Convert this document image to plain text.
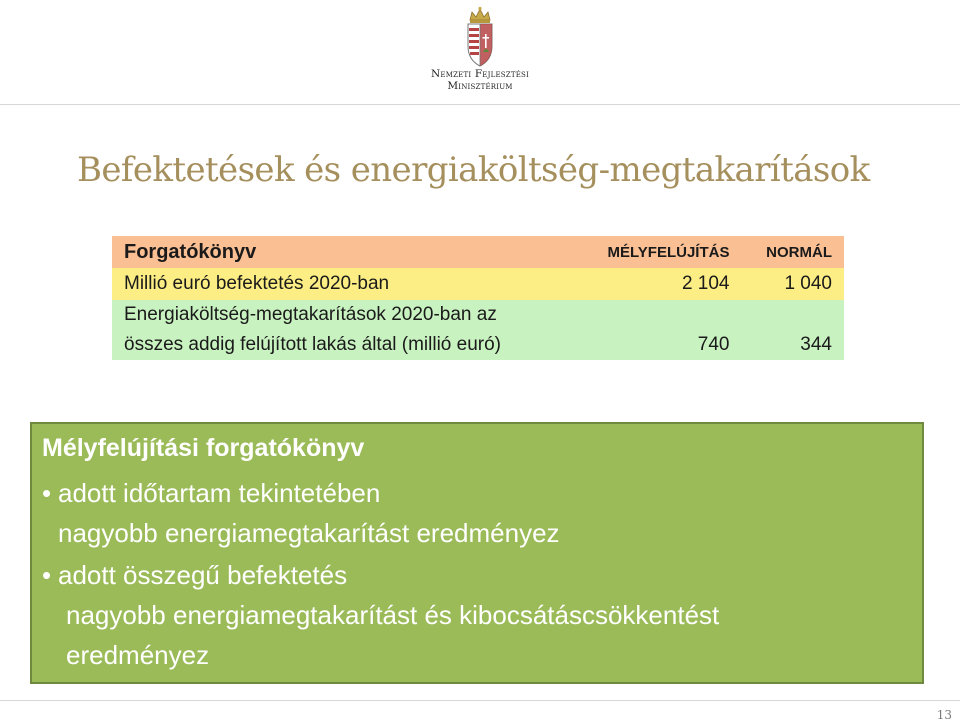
Nemzeti Fejlesztési
Minisztérium
Befektetések és energiaköltség-megtakarítások
Forgatókönyv	MÉLYFELÚJÍTÁS	NORMÁL

Millió euró befektetés 2020-ban	2 104	1 040

Energiaköltség-megtakarítások 2020-ban az
összes addig felújított lakás által (millió euró)	740	344
Mélyfelújítási forgatókönyv
• adott időtartam tekintetében
nagyobb energiamegtakarítást eredményez
• adott összegű befektetés
nagyobb energiamegtakarítást és kibocsátáscsökkentést
eredményez
13
